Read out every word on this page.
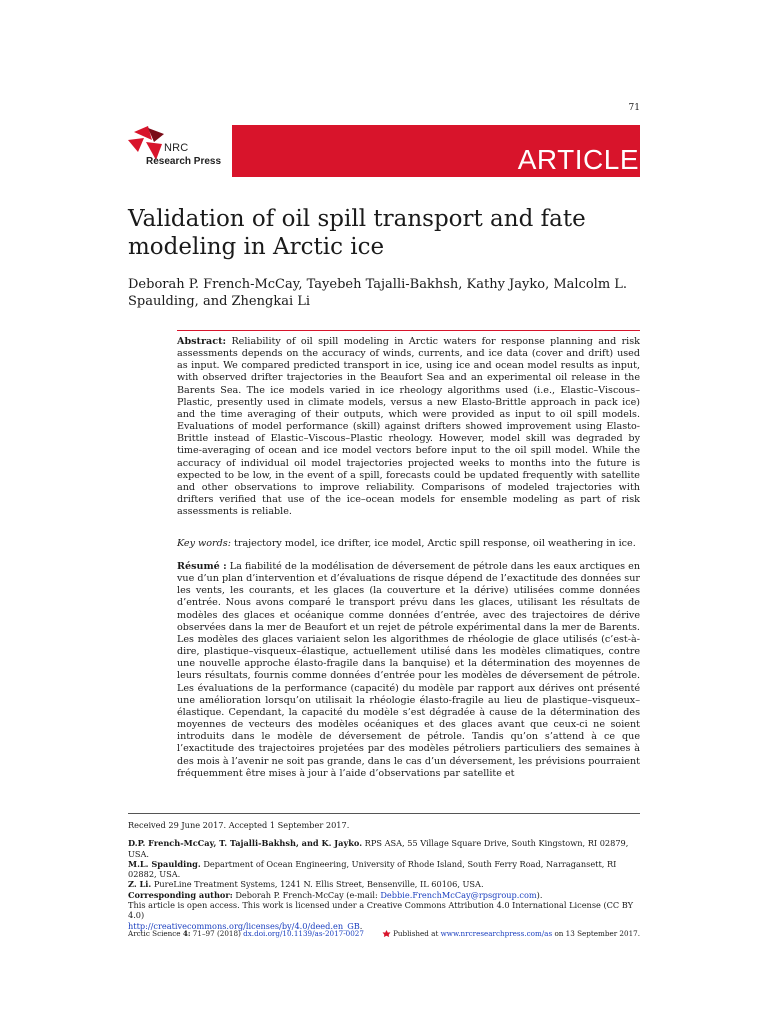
71
NRC
Research Press	ARTICLE
Validation of oil spill transport and fate modeling in Arctic ice
Deborah P. French-McCay, Tayebeh Tajalli-Bakhsh, Kathy Jayko, Malcolm L. Spaulding, and Zhengkai Li
Abstract: Reliability of oil spill modeling in Arctic waters for response planning and risk assessments depends on the accuracy of winds, currents, and ice data (cover and drift) used as input. We compared predicted transport in ice, using ice and ocean model results as input, with observed drifter trajectories in the Beaufort Sea and an experimental oil release in the Barents Sea. The ice models varied in ice rheology algorithms used (i.e., Elastic–Viscous–Plastic, presently used in climate models, versus a new Elasto-Brittle approach in pack ice) and the time averaging of their outputs, which were provided as input to oil spill models. Evaluations of model performance (skill) against drifters showed improvement using Elasto-Brittle instead of Elastic–Viscous–Plastic rheology. However, model skill was degraded by time-averaging of ocean and ice model vectors before input to the oil spill model. While the accuracy of individual oil model trajectories projected weeks to months into the future is expected to be low, in the event of a spill, forecasts could be updated frequently with satellite and other observations to improve reliability. Comparisons of modeled trajectories with drifters verified that use of the ice–ocean models for ensemble modeling as part of risk assessments is reliable.
Key words: trajectory model, ice drifter, ice model, Arctic spill response, oil weathering in ice.
Résumé : La fiabilité de la modélisation de déversement de pétrole dans les eaux arctiques en vue d’un plan d’intervention et d’évaluations de risque dépend de l’exactitude des données sur les vents, les courants, et les glaces (la couverture et la dérive) utilisées comme données d’entrée. Nous avons comparé le transport prévu dans les glaces, utilisant les résultats de modèles des glaces et océanique comme données d’entrée, avec des trajectoires de dérive observées dans la mer de Beaufort et un rejet de pétrole expérimental dans la mer de Barents. Les modèles des glaces variaient selon les algorithmes de rhéologie de glace utilisés (c’est-à-dire, plastique–visqueux–élastique, actuellement utilisé dans les modèles climatiques, contre une nouvelle approche élasto-fragile dans la banquise) et la détermination des moyennes de leurs résultats, fournis comme données d’entrée pour les modèles de déversement de pétrole. Les évaluations de la performance (capacité) du modèle par rapport aux dérives ont présenté une amélioration lorsqu’on utilisait la rhéologie élasto-fragile au lieu de plastique–visqueux–élastique. Cependant, la capacité du modèle s’est dégradée à cause de la détermination des moyennes de vecteurs des modèles océaniques et des glaces avant que ceux-ci ne soient introduits dans le modèle de déversement de pétrole. Tandis qu’on s’attend à ce que l’exactitude des trajectoires projetées par des modèles pétroliers particuliers des semaines à des mois à l’avenir ne soit pas grande, dans le cas d’un déversement, les prévisions pourraient fréquemment être mises à jour à l’aide d’observations par satellite et

Received 29 June 2017. Accepted 1 September 2017.

D.P. French-McCay, T. Tajalli-Bakhsh, and K. Jayko. RPS ASA, 55 Village Square Drive, South Kingstown, RI 02879, USA.

M.L. Spaulding. Department of Ocean Engineering, University of Rhode Island, South Ferry Road, Narragansett, RI 02882, USA.

Z. Li. PureLine Treatment Systems, 1241 N. Ellis Street, Bensenville, IL 60106, USA.

Corresponding author: Deborah P. French-McCay (e-mail: Debbie.FrenchMcCay@rpsgroup.com).

This article is open access. This work is licensed under a Creative Commons Attribution 4.0 International License (CC BY 4.0)
http://creativecommons.org/licenses/by/4.0/deed.en_GB.

Arctic Science 4: 71–97 (2018) dx.doi.org/10.1139/as-2017-0027	Published at www.nrcresearchpress.com/as on 13 September 2017.
